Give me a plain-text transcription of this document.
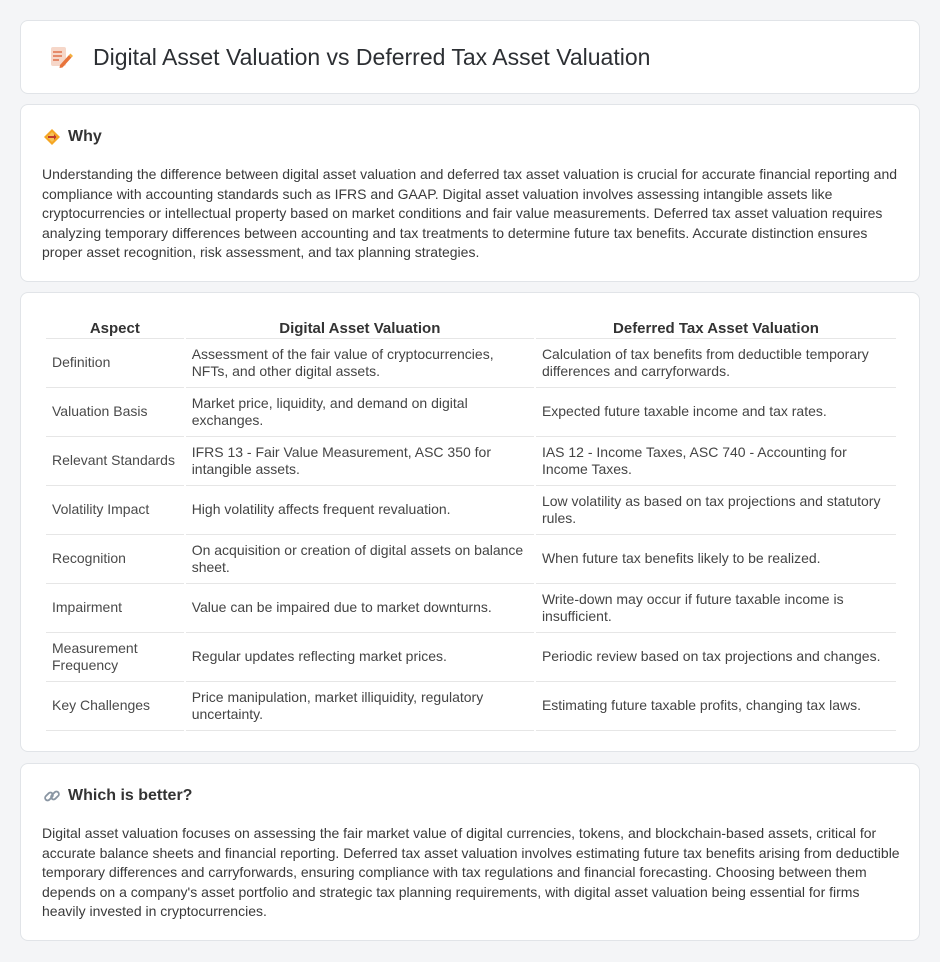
Digital Asset Valuation vs Deferred Tax Asset Valuation
Why

Understanding the difference between digital asset valuation and deferred tax asset valuation is crucial for accurate financial reporting and compliance with accounting standards such as IFRS and GAAP. Digital asset valuation involves assessing intangible assets like cryptocurrencies or intellectual property based on market conditions and fair value measurements. Deferred tax asset valuation requires analyzing temporary differences between accounting and tax treatments to determine future tax benefits. Accurate distinction ensures proper asset recognition, risk assessment, and tax planning strategies.

Aspect	Digital Asset Valuation	Deferred Tax Asset Valuation
Definition	Assessment of the fair value of cryptocurrencies, NFTs, and other digital assets.	Calculation of tax benefits from deductible temporary differences and carryforwards.
Valuation Basis	Market price, liquidity, and demand on digital exchanges.	Expected future taxable income and tax rates.
Relevant Standards	IFRS 13 - Fair Value Measurement, ASC 350 for intangible assets.	IAS 12 - Income Taxes, ASC 740 - Accounting for Income Taxes.
Volatility Impact	High volatility affects frequent revaluation.	Low volatility as based on tax projections and statutory rules.
Recognition	On acquisition or creation of digital assets on balance sheet.	When future tax benefits likely to be realized.
Impairment	Value can be impaired due to market downturns.	Write-down may occur if future taxable income is insufficient.
Measurement Frequency	Regular updates reflecting market prices.	Periodic review based on tax projections and changes.
Key Challenges	Price manipulation, market illiquidity, regulatory uncertainty.	Estimating future taxable profits, changing tax laws.
Which is better?

Digital asset valuation focuses on assessing the fair market value of digital currencies, tokens, and blockchain-based assets, critical for accurate balance sheets and financial reporting. Deferred tax asset valuation involves estimating future tax benefits arising from deductible temporary differences and carryforwards, ensuring compliance with tax regulations and financial forecasting. Choosing between them depends on a company's asset portfolio and strategic tax planning requirements, with digital asset valuation being essential for firms heavily invested in cryptocurrencies.
